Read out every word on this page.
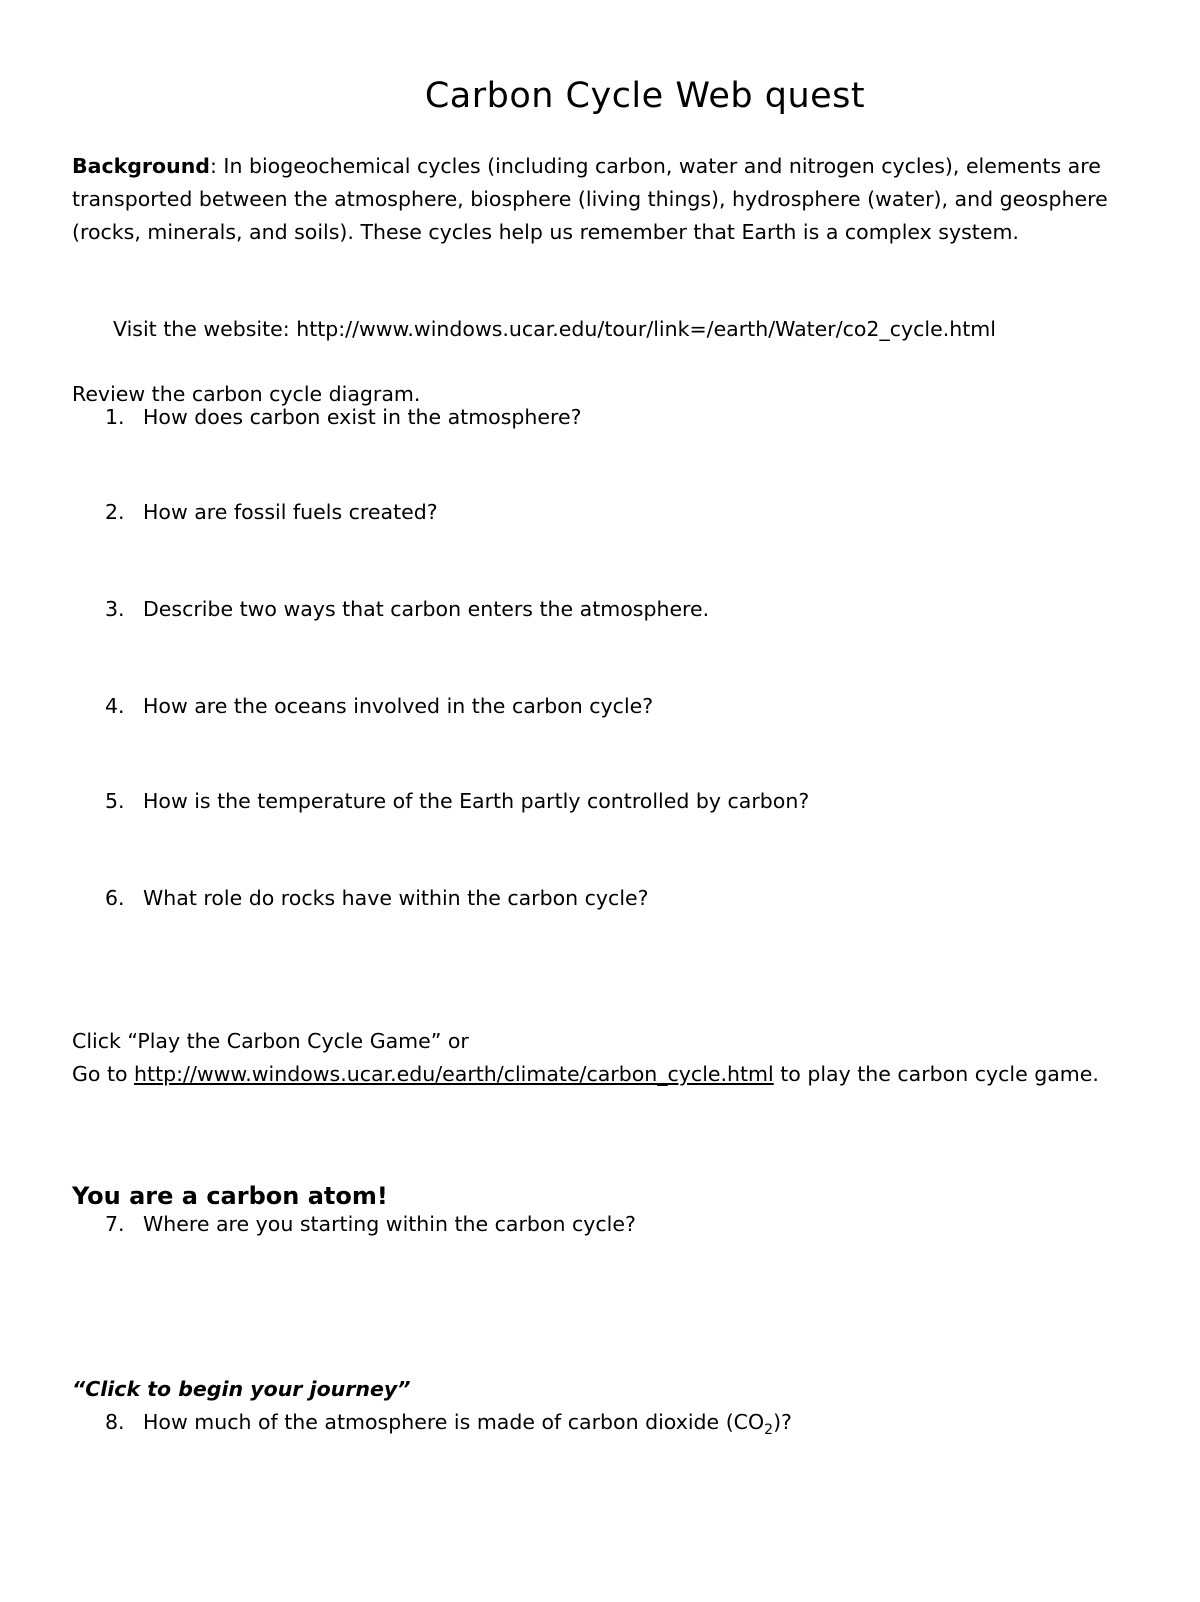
Carbon Cycle Web quest

Background: In biogeochemical cycles (including carbon, water and nitrogen cycles), elements are transported between the atmosphere, biosphere (living things), hydrosphere (water), and geosphere (rocks, minerals, and soils). These cycles help us remember that Earth is a complex system.

Visit the website: http://www.windows.ucar.edu/tour/link=/earth/Water/co2_cycle.html
Review the carbon cycle diagram.
1. How does carbon exist in the atmosphere?
2. How are fossil fuels created?
3. Describe two ways that carbon enters the atmosphere.
4. How are the oceans involved in the carbon cycle?
5. How is the temperature of the Earth partly controlled by carbon?
6. What role do rocks have within the carbon cycle?

Click “Play the Carbon Cycle Game” or
Go to http://www.windows.ucar.edu/earth/climate/carbon_cycle.html to play the carbon cycle game.

You are a carbon atom!
7. Where are you starting within the carbon cycle?
“Click to begin your journey”
8. How much of the atmosphere is made of carbon dioxide $(CO_2)$?
